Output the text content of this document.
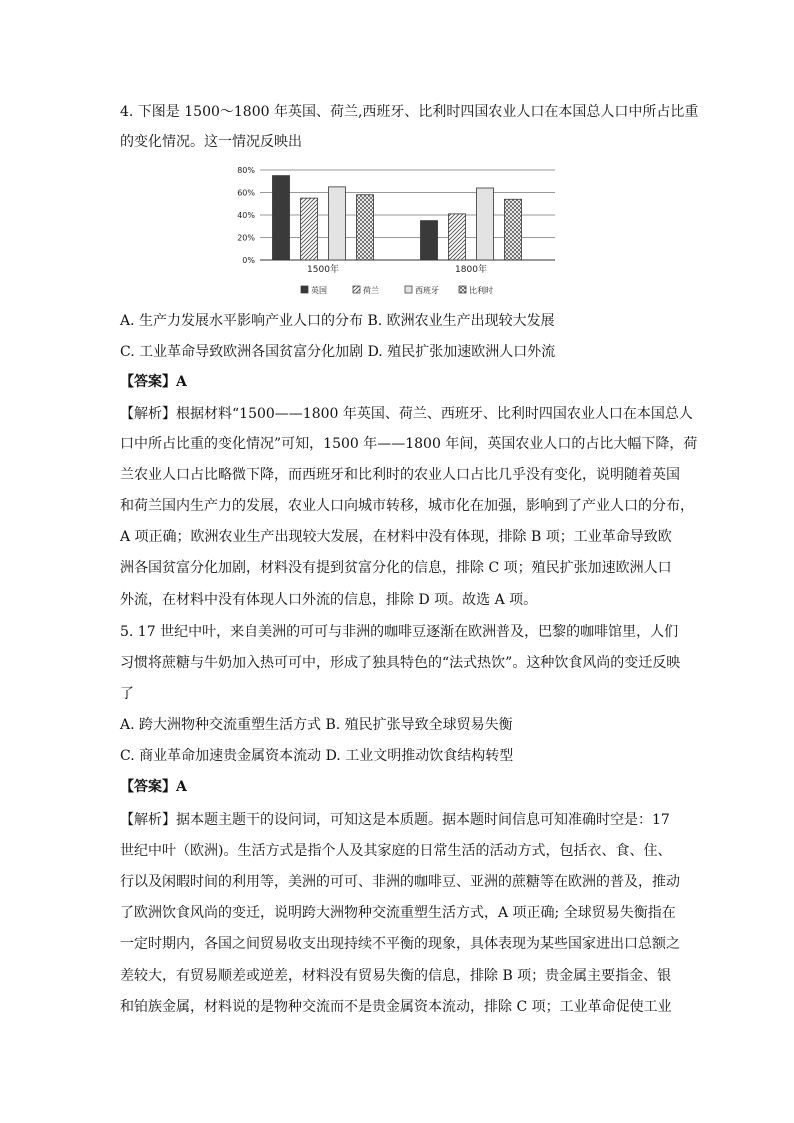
4. 下图是 1500～1800 年英国、荷兰,西班牙、比利时四国农业人口在本国总人口中所占比重
的变化情况。这一情况反映出
0%
20%
40%
60%
80%
1500年	1800年
英国	荷兰	西班牙	比利时
A. 生产力发展水平影响产业人口的分布 B. 欧洲农业生产出现较大发展
C. 工业革命导致欧洲各国贫富分化加剧 D. 殖民扩张加速欧洲人口外流
【答案】A
【解析】根据材料“1500——1800 年英国、荷兰、西班牙、比利时四国农业人口在本国总人
口中所占比重的变化情况”可知，1500 年——1800 年间，英国农业人口的占比大幅下降，荷
兰农业人口占比略微下降，而西班牙和比利时的农业人口占比几乎没有变化，说明随着英国
和荷兰国内生产力的发展，农业人口向城市转移，城市化在加强，影响到了产业人口的分布，
A 项正确；欧洲农业生产出现较大发展，在材料中没有体现，排除 B 项；工业革命导致欧
洲各国贫富分化加剧，材料没有提到贫富分化的信息，排除 C 项；殖民扩张加速欧洲人口
外流，在材料中没有体现人口外流的信息，排除 D 项。故选 A 项。
5. 17 世纪中叶，来自美洲的可可与非洲的咖啡豆逐渐在欧洲普及，巴黎的咖啡馆里，人们
习惯将蔗糖与牛奶加入热可可中，形成了独具特色的“法式热饮”。这种饮食风尚的变迁反映
了
A. 跨大洲物种交流重塑生活方式 B. 殖民扩张导致全球贸易失衡
C. 商业革命加速贵金属资本流动 D. 工业文明推动饮食结构转型
【答案】A
【解析】据本题主题干的设问词，可知这是本质题。据本题时间信息可知准确时空是：17
世纪中叶（欧洲)。生活方式是指个人及其家庭的日常生活的活动方式，包括衣、食、住、
行以及闲暇时间的利用等，美洲的可可、非洲的咖啡豆、亚洲的蔗糖等在欧洲的普及，推动
了欧洲饮食风尚的变迁，说明跨大洲物种交流重塑生活方式，A 项正确; 全球贸易失衡指在
一定时期内，各国之间贸易收支出现持续不平衡的现象，具体表现为某些国家进出口总额之
差较大，有贸易顺差或逆差，材料没有贸易失衡的信息，排除 B 项；贵金属主要指金、银
和铂族金属，材料说的是物种交流而不是贵金属资本流动，排除 C 项；工业革命促使工业
